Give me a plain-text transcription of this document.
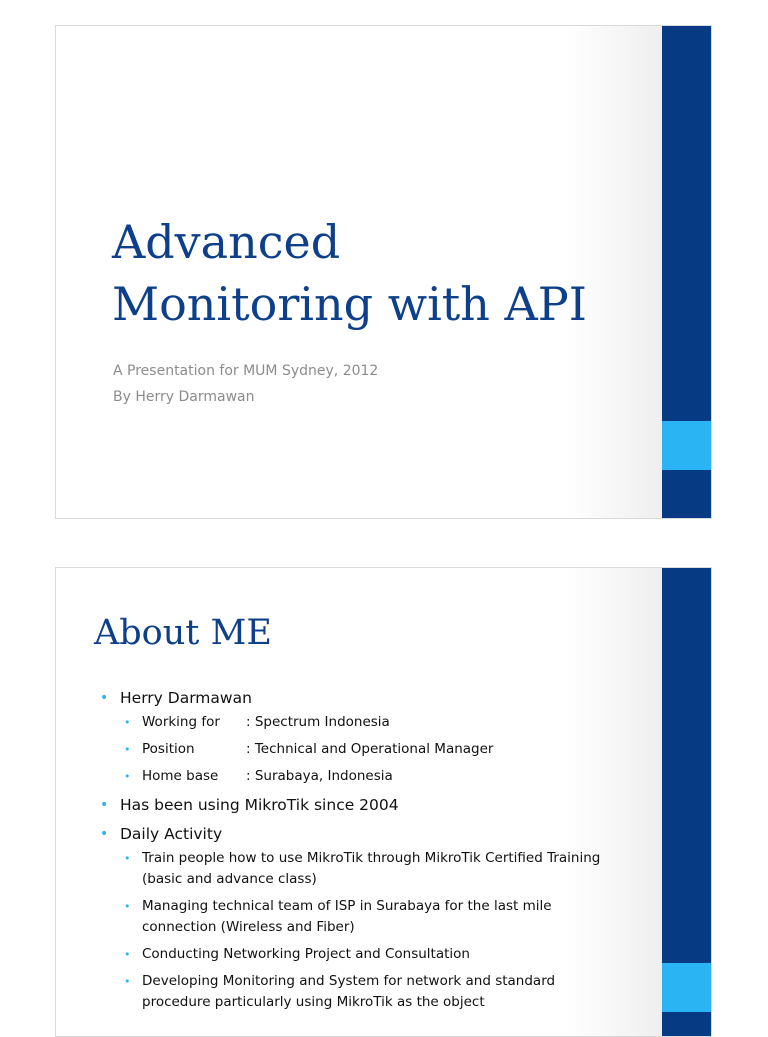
Advanced
Monitoring with API
A Presentation for MUM Sydney, 2012
By Herry Darmawan
About ME
• Herry Darmawan
• Working for : Spectrum Indonesia
• Position	: Technical and Operational Manager
• Home base : Surabaya, Indonesia
• Has been using MikroTik since 2004
• Daily Activity
• Train people how to use MikroTik through MikroTik Certified Training (basic and advance class)
• Managing technical team of ISP in Surabaya for the last mile connection (Wireless and Fiber)
• Conducting Networking Project and Consultation
• Developing Monitoring and System for network and standard procedure particularly using MikroTik as the object
